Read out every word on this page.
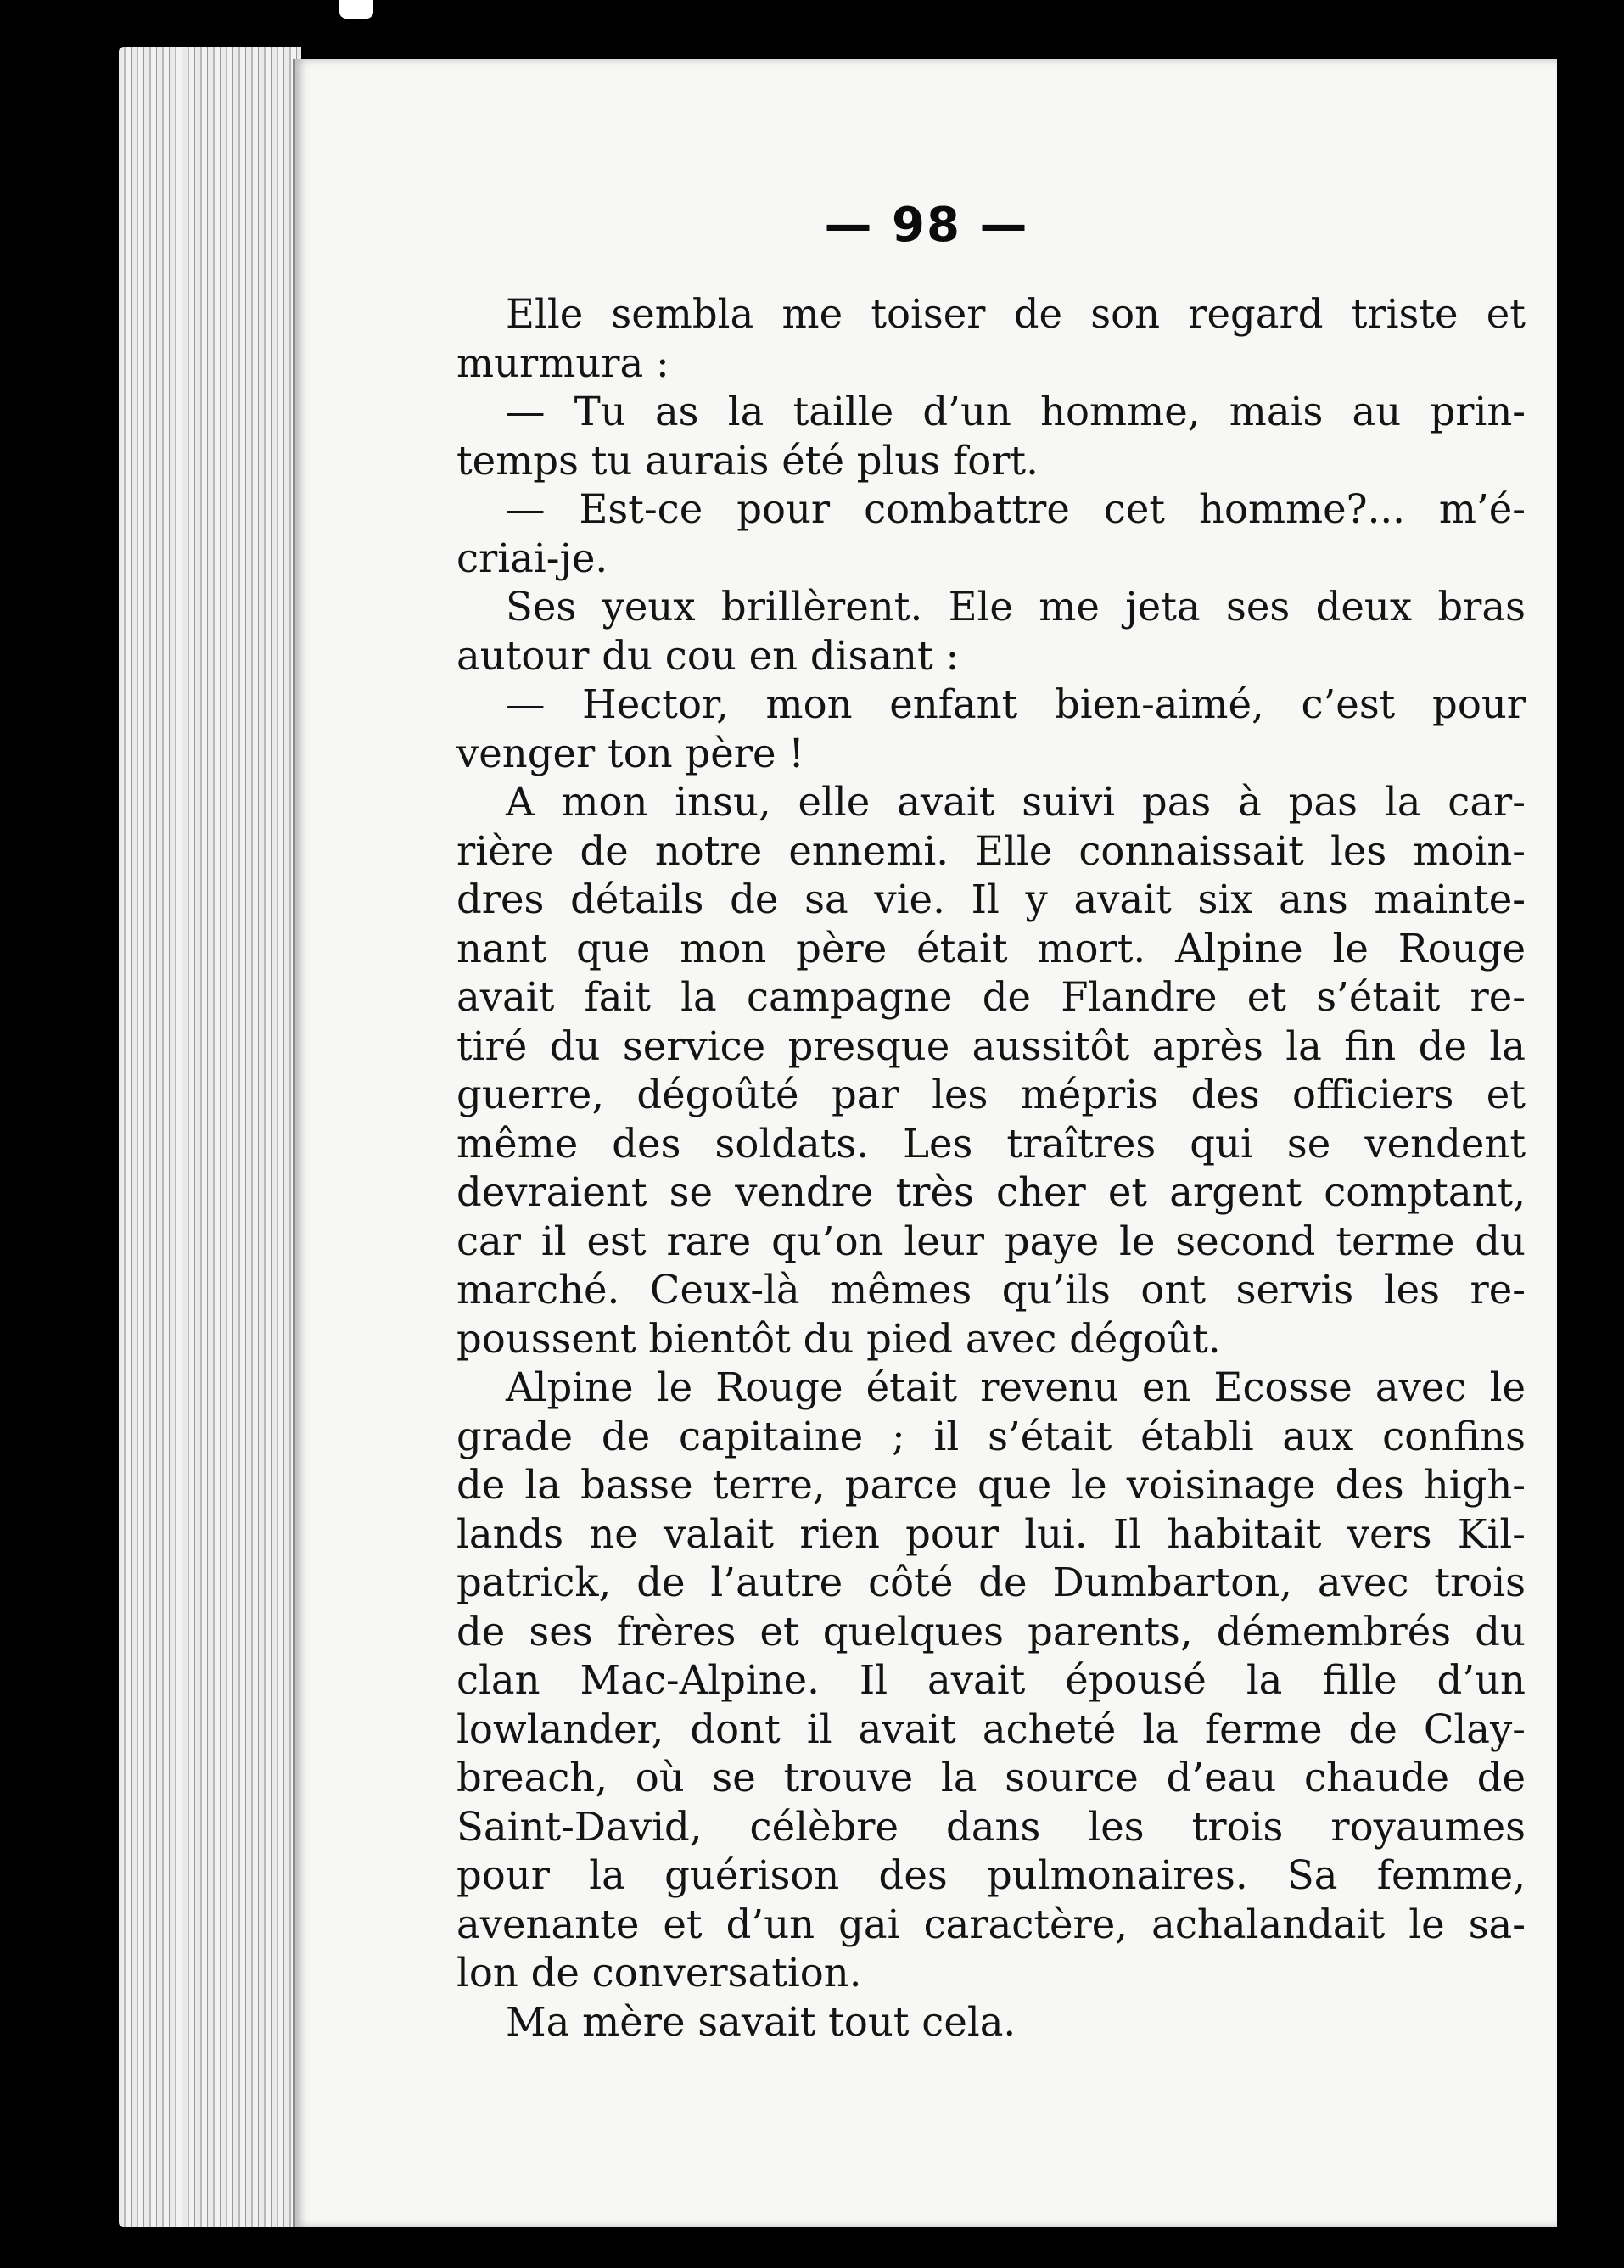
— 98 —
Elle sembla me toiser de son regard triste et
murmura :
— Tu as la taille d’un homme, mais au prin-
temps tu aurais été plus fort.
— Est-ce pour combattre cet homme?... m’é-
criai-je.
Ses yeux brillèrent. Ele me jeta ses deux bras
autour du cou en disant :
— Hector, mon enfant bien-aimé, c’est pour
venger ton père !
A mon insu, elle avait suivi pas à pas la car-
rière de notre ennemi. Elle connaissait les moin-
dres détails de sa vie. Il y avait six ans mainte-
nant que mon père était mort. Alpine le Rouge
avait fait la campagne de Flandre et s’était re-
tiré du service presque aussitôt après la fin de la
guerre, dégoûté par les mépris des officiers et
même des soldats. Les traîtres qui se vendent
devraient se vendre très cher et argent comptant,
car il est rare qu’on leur paye le second terme du
marché. Ceux-là mêmes qu’ils ont servis les re-
poussent bientôt du pied avec dégoût.
Alpine le Rouge était revenu en Ecosse avec le
grade de capitaine ; il s’était établi aux confins
de la basse terre, parce que le voisinage des high-
lands ne valait rien pour lui. Il habitait vers Kil-
patrick, de l’autre côté de Dumbarton, avec trois
de ses frères et quelques parents, démembrés du
clan Mac-Alpine. Il avait épousé la fille d’un
lowlander, dont il avait acheté la ferme de Clay-
breach, où se trouve la source d’eau chaude de
Saint-David, célèbre dans les trois royaumes
pour la guérison des pulmonaires. Sa femme,
avenante et d’un gai caractère, achalandait le sa-
lon de conversation.
Ma mère savait tout cela.
